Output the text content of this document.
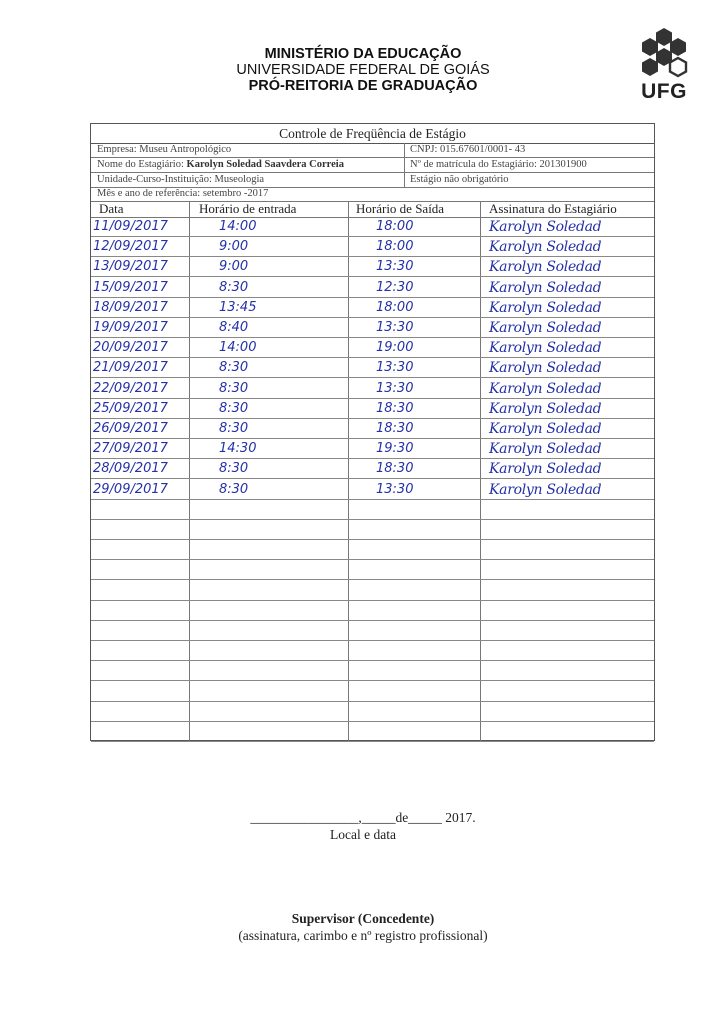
MINISTÉRIO DA EDUCAÇÃO
UNIVERSIDADE FEDERAL DE GOIÁS
PRÓ-REITORIA DE GRADUAÇÃO	UFG
Controle de Freqüência de Estágio
Empresa: Museu Antropológico	CNPJ: 015.67601/0001- 43
Nome do Estagiário: Karolyn Soledad Saavdera Correia	Nº de matrícula do Estagiário: 201301900
Unidade-Curso-Instituição: Museologia	Estágio não obrigatório
Mês e ano de referência: setembro -2017
Data	Horário de entrada	Horário de Saída	Assinatura do Estagiário
11/09/2017	14:00	18:00	Karolyn Soledad
12/09/2017	9:00	18:00	Karolyn Soledad
13/09/2017	9:00	13:30	Karolyn Soledad
15/09/2017	8:30	12:30	Karolyn Soledad
18/09/2017	13:45	18:00	Karolyn Soledad
19/09/2017	8:40	13:30	Karolyn Soledad
20/09/2017	14:00	19:00	Karolyn Soledad
21/09/2017	8:30	13:30	Karolyn Soledad
22/09/2017	8:30	13:30	Karolyn Soledad
25/09/2017	8:30	18:30	Karolyn Soledad
26/09/2017	8:30	18:30	Karolyn Soledad
27/09/2017	14:30	19:30	Karolyn Soledad
28/09/2017	8:30	18:30	Karolyn Soledad
29/09/2017	8:30	13:30	Karolyn Soledad
________________,_____de_____ 2017.
Local e data
Supervisor (Concedente)
(assinatura, carimbo e nº registro profissional)
